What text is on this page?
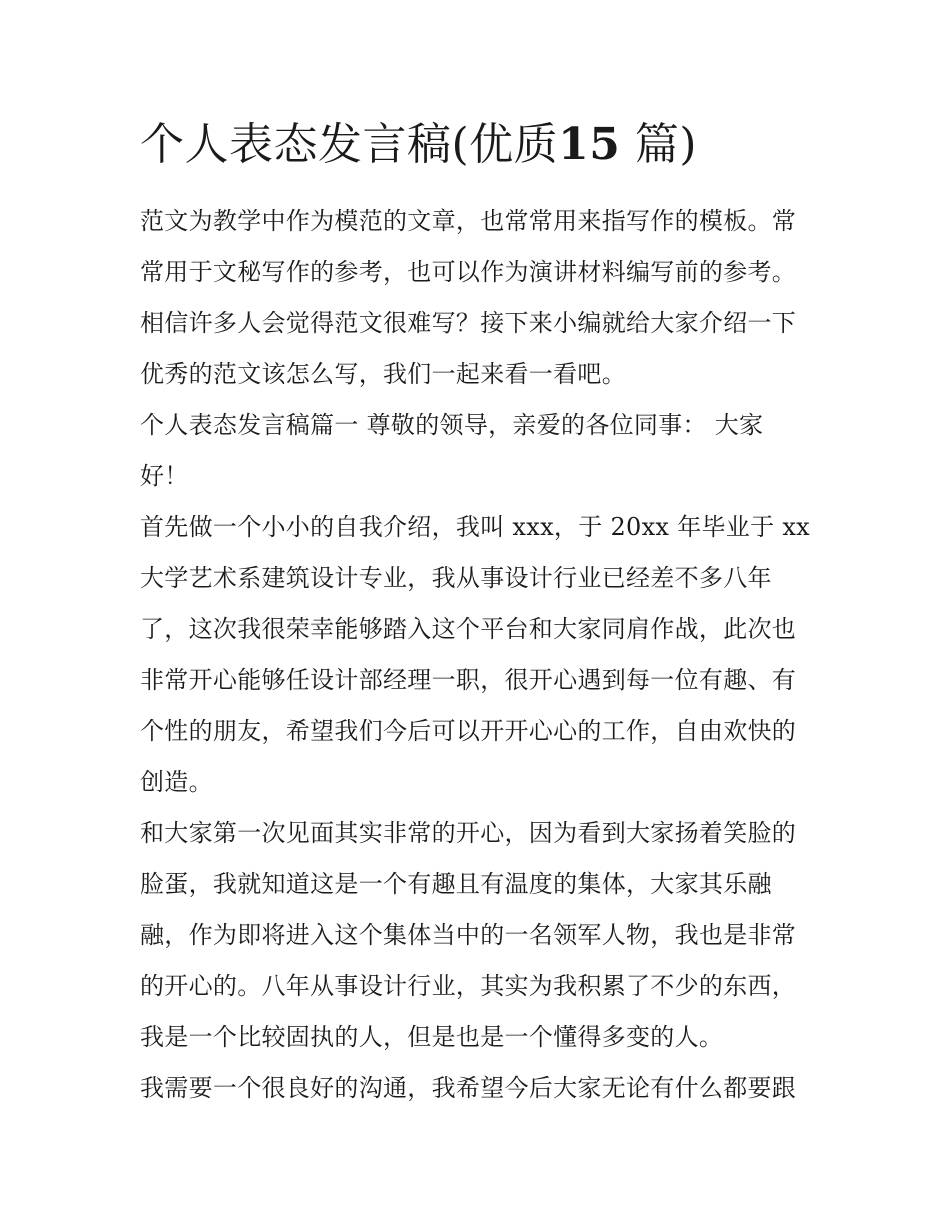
个人表态发言稿(优质15 篇)
范文为教学中作为模范的文章，也常常用来指写作的模板。常
常用于文秘写作的参考，也可以作为演讲材料编写前的参考。
相信许多人会觉得范文很难写？接下来小编就给大家介绍一下
优秀的范文该怎么写，我们一起来看一看吧。
个人表态发言稿篇一 尊敬的领导，亲爱的各位同事： 大家
好！
首先做一个小小的自我介绍，我叫 xxx，于 20xx 年毕业于 xx
大学艺术系建筑设计专业，我从事设计行业已经差不多八年
了，这次我很荣幸能够踏入这个平台和大家同肩作战，此次也
非常开心能够任设计部经理一职，很开心遇到每一位有趣、有
个性的朋友，希望我们今后可以开开心心的工作，自由欢快的
创造。
和大家第一次见面其实非常的开心，因为看到大家扬着笑脸的
脸蛋，我就知道这是一个有趣且有温度的集体，大家其乐融
融，作为即将进入这个集体当中的一名领军人物，我也是非常
的开心的。八年从事设计行业，其实为我积累了不少的东西，
我是一个比较固执的人，但是也是一个懂得多变的人。
我需要一个很良好的沟通，我希望今后大家无论有什么都要跟
